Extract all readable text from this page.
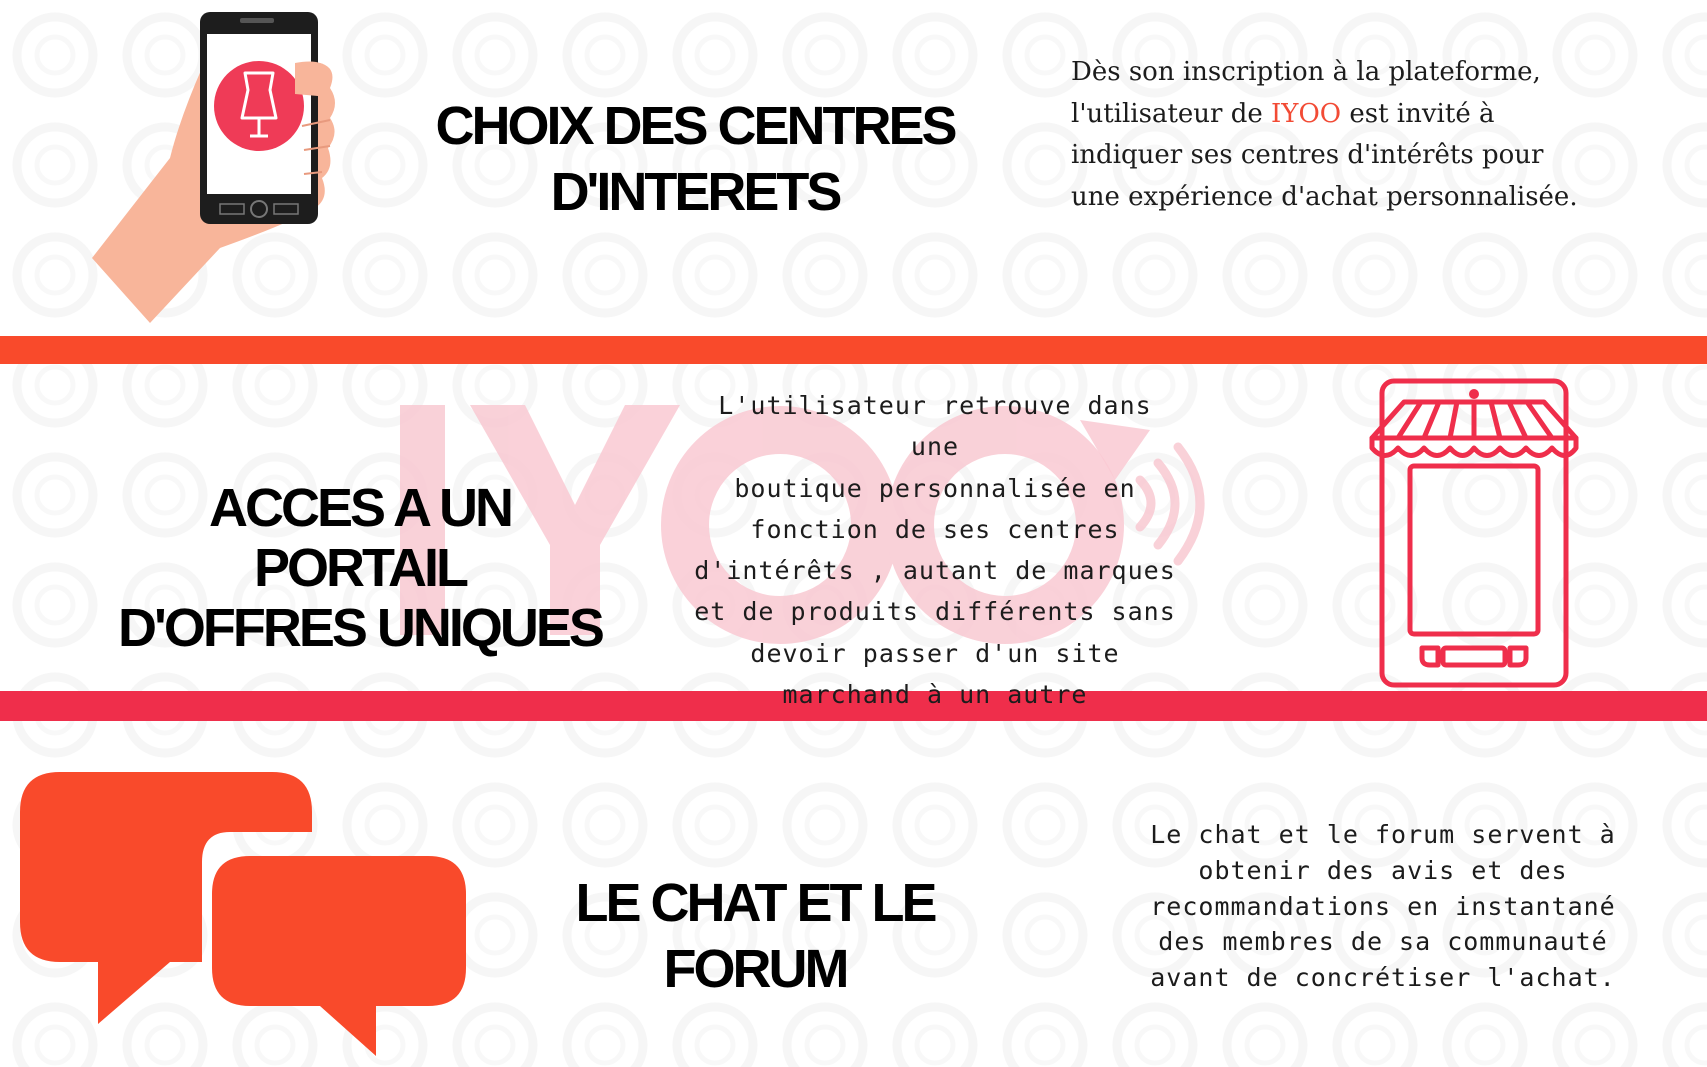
CHOIX DES CENTRES
D'INTERETS

Dès son inscription à la plateforme, l'utilisateur de IYOO est invité à indiquer ses centres d'intérêts pour une expérience d'achat personnalisée.

ACCES A UN PORTAIL
D'OFFRES UNIQUES

L'utilisateur retrouve dans une
boutique personnalisée en
fonction de ses centres
d'intérêts , autant de marques
et de produits différents sans
devoir passer d'un site
marchand à un autre

LE CHAT ET LE FORUM

Le chat et le forum servent à
obtenir des avis et des
recommandations en instantané
des membres de sa communauté
avant de concrétiser l'achat.
